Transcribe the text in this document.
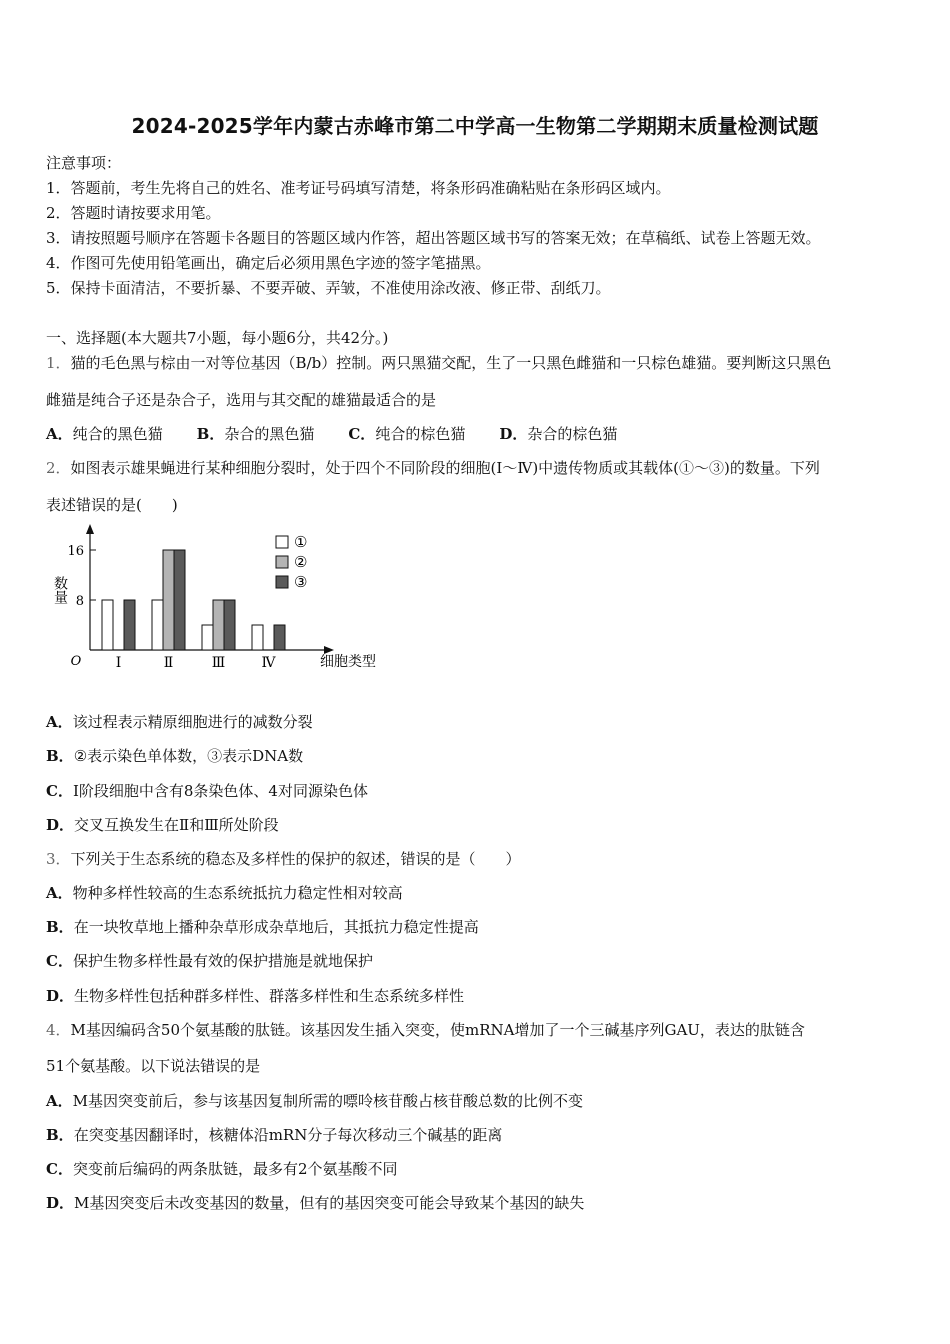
2024-2025学年内蒙古赤峰市第二中学高一生物第二学期期末质量检测试题
注意事项：
1．答题前，考生先将自己的姓名、准考证号码填写清楚，将条形码准确粘贴在条形码区域内。
2．答题时请按要求用笔。
3．请按照题号顺序在答题卡各题目的答题区域内作答，超出答题区域书写的答案无效；在草稿纸、试卷上答题无效。
4．作图可先使用铅笔画出，确定后必须用黑色字迹的签字笔描黑。
5．保持卡面清洁，不要折暴、不要弄破、弄皱，不准使用涂改液、修正带、刮纸刀。
一、选择题(本大题共7小题，每小题6分，共42分。)
1．猫的毛色黑与棕由一对等位基因（B/b）控制。两只黑猫交配，生了一只黑色雌猫和一只棕色雄猫。要判断这只黑色
雌猫是纯合子还是杂合子，选用与其交配的雄猫最适合的是
A．纯合的黑色猫 B．杂合的黑色猫 C．纯合的棕色猫 D．杂合的棕色猫
2．如图表示雄果蝇进行某种细胞分裂时，处于四个不同阶段的细胞(Ⅰ～Ⅳ)中遗传物质或其载体(①～③)的数量。下列
表述错误的是(　　)
O
数量
细胞类型
8
16
Ⅰ	Ⅱ	Ⅲ	Ⅳ
①
②
③
A．该过程表示精原细胞进行的减数分裂
B．②表示染色单体数，③表示DNA数
C．Ⅰ阶段细胞中含有8条染色体、4对同源染色体
D．交叉互换发生在Ⅱ和Ⅲ所处阶段
3．下列关于生态系统的稳态及多样性的保护的叙述，错误的是（　　）
A．物种多样性较高的生态系统抵抗力稳定性相对较高
B．在一块牧草地上播种杂草形成杂草地后，其抵抗力稳定性提高
C．保护生物多样性最有效的保护措施是就地保护
D．生物多样性包括种群多样性、群落多样性和生态系统多样性
4．M基因编码含50个氨基酸的肽链。该基因发生插入突变，使mRNA增加了一个三碱基序列GAU，表达的肽链含
51个氨基酸。以下说法错误的是
A．M基因突变前后，参与该基因复制所需的嘌呤核苷酸占核苷酸总数的比例不变
B．在突变基因翻译时，核糖体沿mRN分子每次移动三个碱基的距离
C．突变前后编码的两条肽链，最多有2个氨基酸不同
D．M基因突变后未改变基因的数量，但有的基因突变可能会导致某个基因的缺失
